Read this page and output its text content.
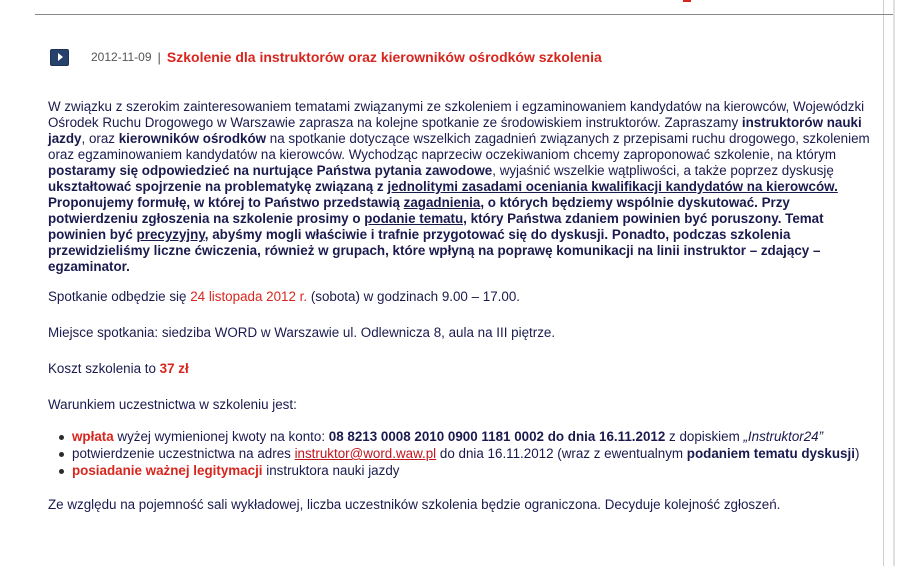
2012-11-09 | Szkolenie dla instruktorów oraz kierowników ośrodków szkolenia

W związku z szerokim zainteresowaniem tematami związanymi ze szkoleniem i egzaminowaniem kandydatów na kierowców, Wojewódzki Ośrodek Ruchu Drogowego w Warszawie zaprasza na kolejne spotkanie ze środowiskiem instruktorów. Zapraszamy instruktorów nauki jazdy, oraz kierowników ośrodków na spotkanie dotyczące wszelkich zagadnień związanych z przepisami ruchu drogowego, szkoleniem oraz egzaminowaniem kandydatów na kierowców. Wychodząc naprzeciw oczekiwaniom chcemy zaproponować szkolenie, na którym postaramy się odpowiedzieć na nurtujące Państwa pytania zawodowe, wyjaśnić wszelkie wątpliwości, a także poprzez dyskusję ukształtować spojrzenie na problematykę związaną z jednolitymi zasadami oceniania kwalifikacji kandydatów na kierowców. Proponujemy formułę, w której to Państwo przedstawią zagadnienia, o których będziemy wspólnie dyskutować. Przy potwierdzeniu zgłoszenia na szkolenie prosimy o podanie tematu, który Państwa zdaniem powinien być poruszony. Temat powinien być precyzyjny, abyśmy mogli właściwie i trafnie przygotować się do dyskusji. Ponadto, podczas szkolenia przewidzieliśmy liczne ćwiczenia, również w grupach, które wpłyną na poprawę komunikacji na linii instruktor – zdający – egzaminator.

Spotkanie odbędzie się 24 listopada 2012 r. (sobota) w godzinach 9.00 – 17.00.

Miejsce spotkania: siedziba WORD w Warszawie ul. Odlewnicza 8, aula na III piętrze.

Koszt szkolenia to 37 zł

Warunkiem uczestnictwa w szkoleniu jest:

wpłata wyżej wymienionej kwoty na konto: 08 8213 0008 2010 0900 1181 0002 do dnia 16.11.2012 z dopiskiem „Instruktor24”
potwierdzenie uczestnictwa na adres instruktor@word.waw.pl do dnia 16.11.2012 (wraz z ewentualnym podaniem tematu dyskusji)
posiadanie ważnej legitymacji instruktora nauki jazdy

Ze względu na pojemność sali wykładowej, liczba uczestników szkolenia będzie ograniczona. Decyduje kolejność zgłoszeń.
